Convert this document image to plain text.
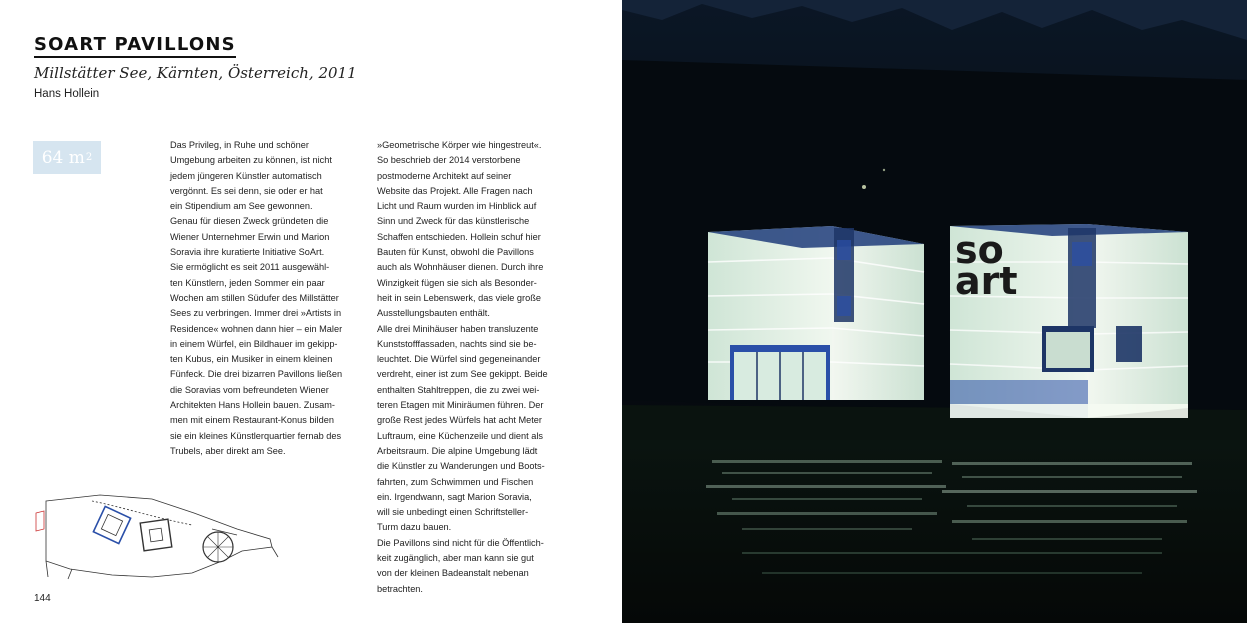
SOART PAVILLONS
Millstätter See, Kärnten, Österreich, 2011
Hans Hollein
64 m 2
Das Privileg, in Ruhe und schöner
Umgebung arbeiten zu können, ist nicht
jedem jüngeren Künstler automatisch
vergönnt. Es sei denn, sie oder er hat
ein Stipendium am See gewonnen.
Genau für diesen Zweck gründeten die
Wiener Unternehmer Erwin und Marion
Soravia ihre kuratierte Initiative SoArt.
Sie ermöglicht es seit 2011 ausgewähl-
ten Künstlern, jeden Sommer ein paar
Wochen am stillen Südufer des Millstätter
Sees zu verbringen. Immer drei »Artists in
Residence« wohnen dann hier – ein Maler
in einem Würfel, ein Bildhauer im gekipp-
ten Kubus, ein Musiker in einem kleinen
Fünfeck. Die drei bizarren Pavillons ließen
die Soravias vom befreundeten Wiener
Architekten Hans Hollein bauen. Zusam-
men mit einem Restaurant-Konus bilden
sie ein kleines Künstlerquartier fernab des
Trubels, aber direkt am See.
»Geometrische Körper wie hingestreut«.
So beschrieb der 2014 verstorbene
postmoderne Architekt auf seiner
Website das Projekt. Alle Fragen nach
Licht und Raum wurden im Hinblick auf
Sinn und Zweck für das künstlerische
Schaffen entschieden. Hollein schuf hier
Bauten für Kunst, obwohl die Pavillons
auch als Wohnhäuser dienen. Durch ihre
Winzigkeit fügen sie sich als Besonder-
heit in sein Lebenswerk, das viele große
Ausstellungsbauten enthält.
Alle drei Minihäuser haben transluzente
Kunststofffassaden, nachts sind sie be-
leuchtet. Die Würfel sind gegeneinander
verdreht, einer ist zum See gekippt. Beide
enthalten Stahltreppen, die zu zwei wei-
teren Etagen mit Miniräumen führen. Der
große Rest jedes Würfels hat acht Meter
Luftraum, eine Küchenzeile und dient als
Arbeitsraum. Die alpine Umgebung lädt
die Künstler zu Wanderungen und Boots-
fahrten, zum Schwimmen und Fischen
ein. Irgendwann, sagt Marion Soravia,
will sie unbedingt einen Schriftsteller-
Turm dazu bauen.
Die Pavillons sind nicht für die Öffentlich-
keit zugänglich, aber man kann sie gut
von der kleinen Badeanstalt nebenan
betrachten.
144
so
art
